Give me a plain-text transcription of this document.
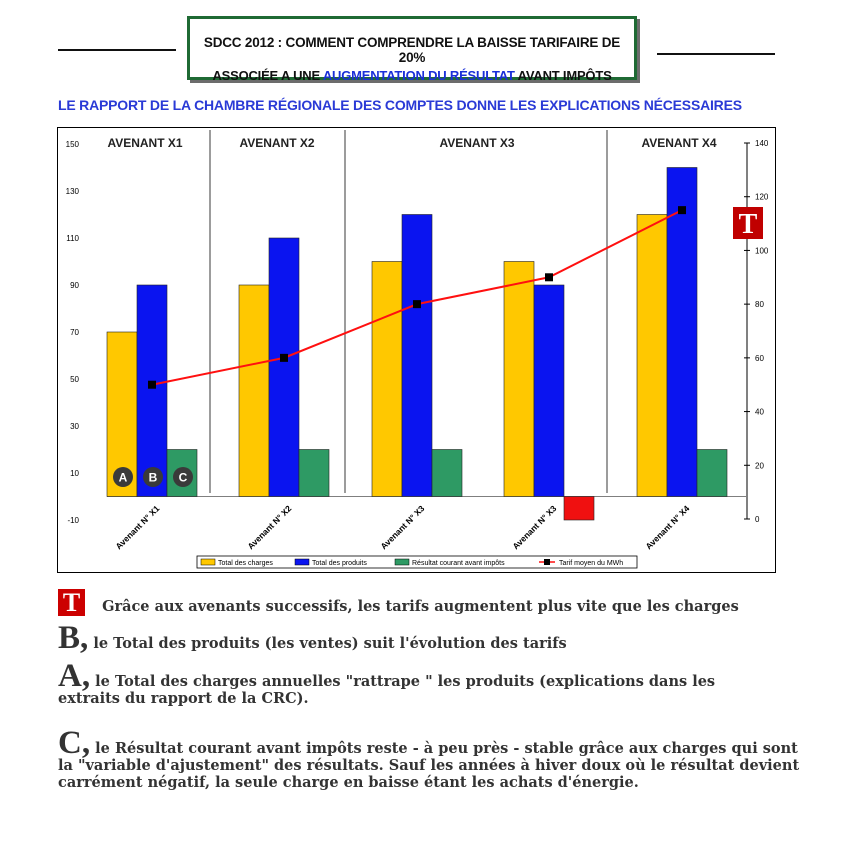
SDCC 2012 : COMMENT COMPRENDRE LA BAISSE TARIFAIRE DE 20%
ASSOCIÉE A UNE AUGMENTATION DU RÉSULTAT AVANT IMPÔTS
LE RAPPORT DE LA CHAMBRE RÉGIONALE DES COMPTES DONNE LES EXPLICATIONS NÉCESSAIRES
-10
10
30
50
70
90
110
130
150
0
20
40
60
80
100
120
140
AVENANT X1	AVENANT X2	AVENANT X3	AVENANT X4
A B C
Avenant N° X1	Avenant N° X2	Avenant N° X3	Avenant N° X3	Avenant N° X4
T
Total des charges	Total des produits	Résultat courant avant impôts	Tarif moyen du MWh
T Grâce aux avenants successifs, les tarifs augmentent plus vite que les charges
B, le Total des produits (les ventes) suit l'évolution des tarifs
A, le Total des charges annuelles "rattrape " les produits (explications dans les
extraits du rapport de la CRC).
C, le Résultat courant avant impôts reste - à peu près - stable grâce aux charges qui sont
la "variable d'ajustement" des résultats. Sauf les années à hiver doux où le résultat devient
carrément négatif, la seule charge en baisse étant les achats d'énergie.
